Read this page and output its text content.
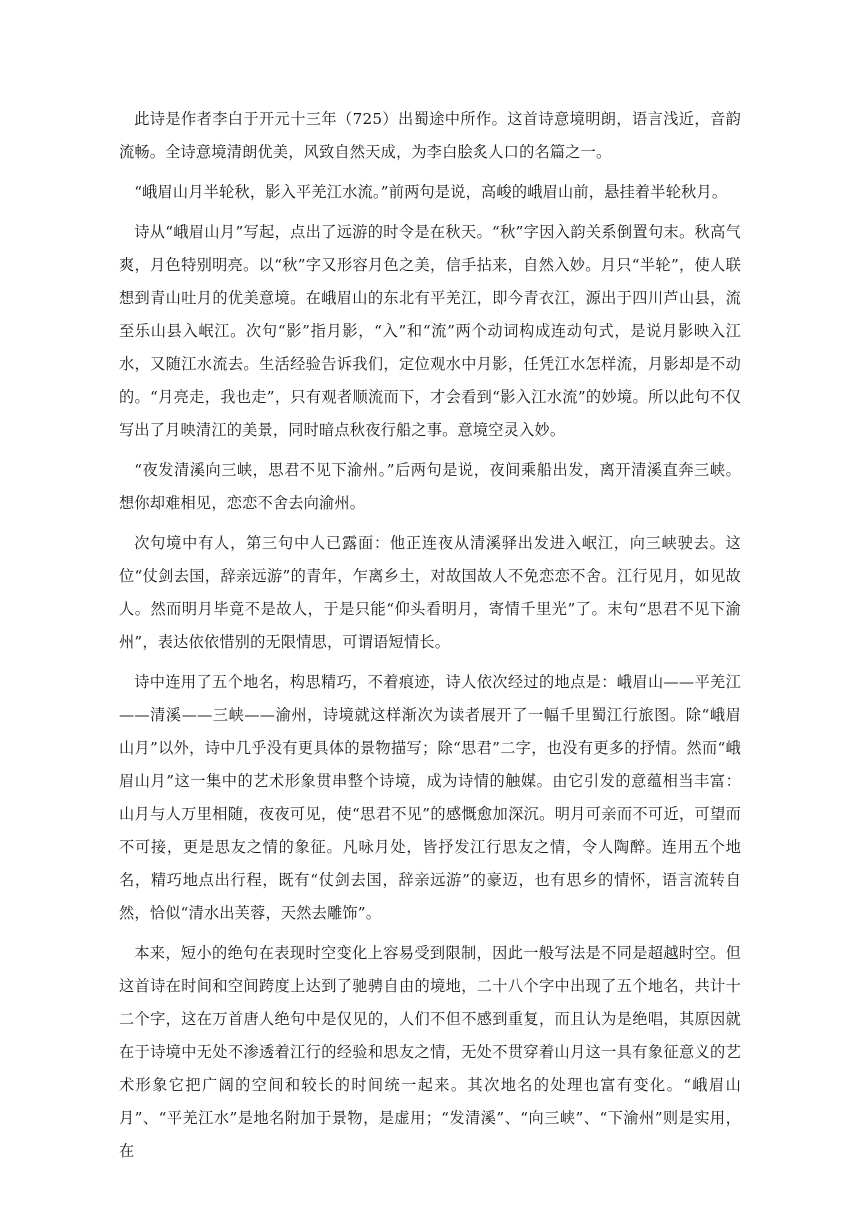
此诗是作者李白于开元十三年（725）出蜀途中所作。这首诗意境明朗，语言浅近，音韵流畅。全诗意境清朗优美，风致自然天成，为李白脍炙人口的名篇之一。

“峨眉山月半轮秋，影入平羌江水流。”前两句是说，高峻的峨眉山前，悬挂着半轮秋月。

诗从“峨眉山月”写起，点出了远游的时令是在秋天。“秋”字因入韵关系倒置句末。秋高气爽，月色特别明亮。以“秋”字又形容月色之美，信手拈来，自然入妙。月只“半轮”，使人联想到青山吐月的优美意境。在峨眉山的东北有平羌江，即今青衣江，源出于四川芦山县，流至乐山县入岷江。次句“影”指月影，“入”和“流”两个动词构成连动句式，是说月影映入江水，又随江水流去。生活经验告诉我们，定位观水中月影，任凭江水怎样流，月影却是不动的。“月亮走，我也走”，只有观者顺流而下，才会看到“影入江水流”的妙境。所以此句不仅写出了月映清江的美景，同时暗点秋夜行船之事。意境空灵入妙。

“夜发清溪向三峡，思君不见下渝州。”后两句是说，夜间乘船出发，离开清溪直奔三峡。想你却难相见，恋恋不舍去向渝州。

次句境中有人，第三句中人已露面：他正连夜从清溪驿出发进入岷江，向三峡驶去。这位“仗剑去国，辞亲远游”的青年，乍离乡土，对故国故人不免恋恋不舍。江行见月，如见故人。然而明月毕竟不是故人，于是只能“仰头看明月，寄情千里光”了。末句“思君不见下渝州”，表达依依惜别的无限情思，可谓语短情长。

诗中连用了五个地名，构思精巧，不着痕迹，诗人依次经过的地点是：峨眉山——平羌江——清溪——三峡——渝州，诗境就这样渐次为读者展开了一幅千里蜀江行旅图。除“峨眉山月”以外，诗中几乎没有更具体的景物描写；除“思君”二字，也没有更多的抒情。然而“峨眉山月”这一集中的艺术形象贯串整个诗境，成为诗情的触媒。由它引发的意蕴相当丰富：山月与人万里相随，夜夜可见，使“思君不见”的感慨愈加深沉。明月可亲而不可近，可望而不可接，更是思友之情的象征。凡咏月处，皆抒发江行思友之情，令人陶醉。连用五个地名，精巧地点出行程，既有“仗剑去国，辞亲远游”的豪迈，也有思乡的情怀，语言流转自然，恰似“清水出芙蓉，天然去雕饰”。

本来，短小的绝句在表现时空变化上容易受到限制，因此一般写法是不同是超越时空。但这首诗在时间和空间跨度上达到了驰骋自由的境地，二十八个字中出现了五个地名，共计十二个字，这在万首唐人绝句中是仅见的，人们不但不感到重复，而且认为是绝唱，其原因就在于诗境中无处不渗透着江行的经验和思友之情，无处不贯穿着山月这一具有象征意义的艺术形象它把广阔的空间和较长的时间统一起来。其次地名的处理也富有变化。“峨眉山月”、“平羌江水”是地名附加于景物，是虚用；“发清溪”、“向三峡”、“下渝州”则是实用，在
